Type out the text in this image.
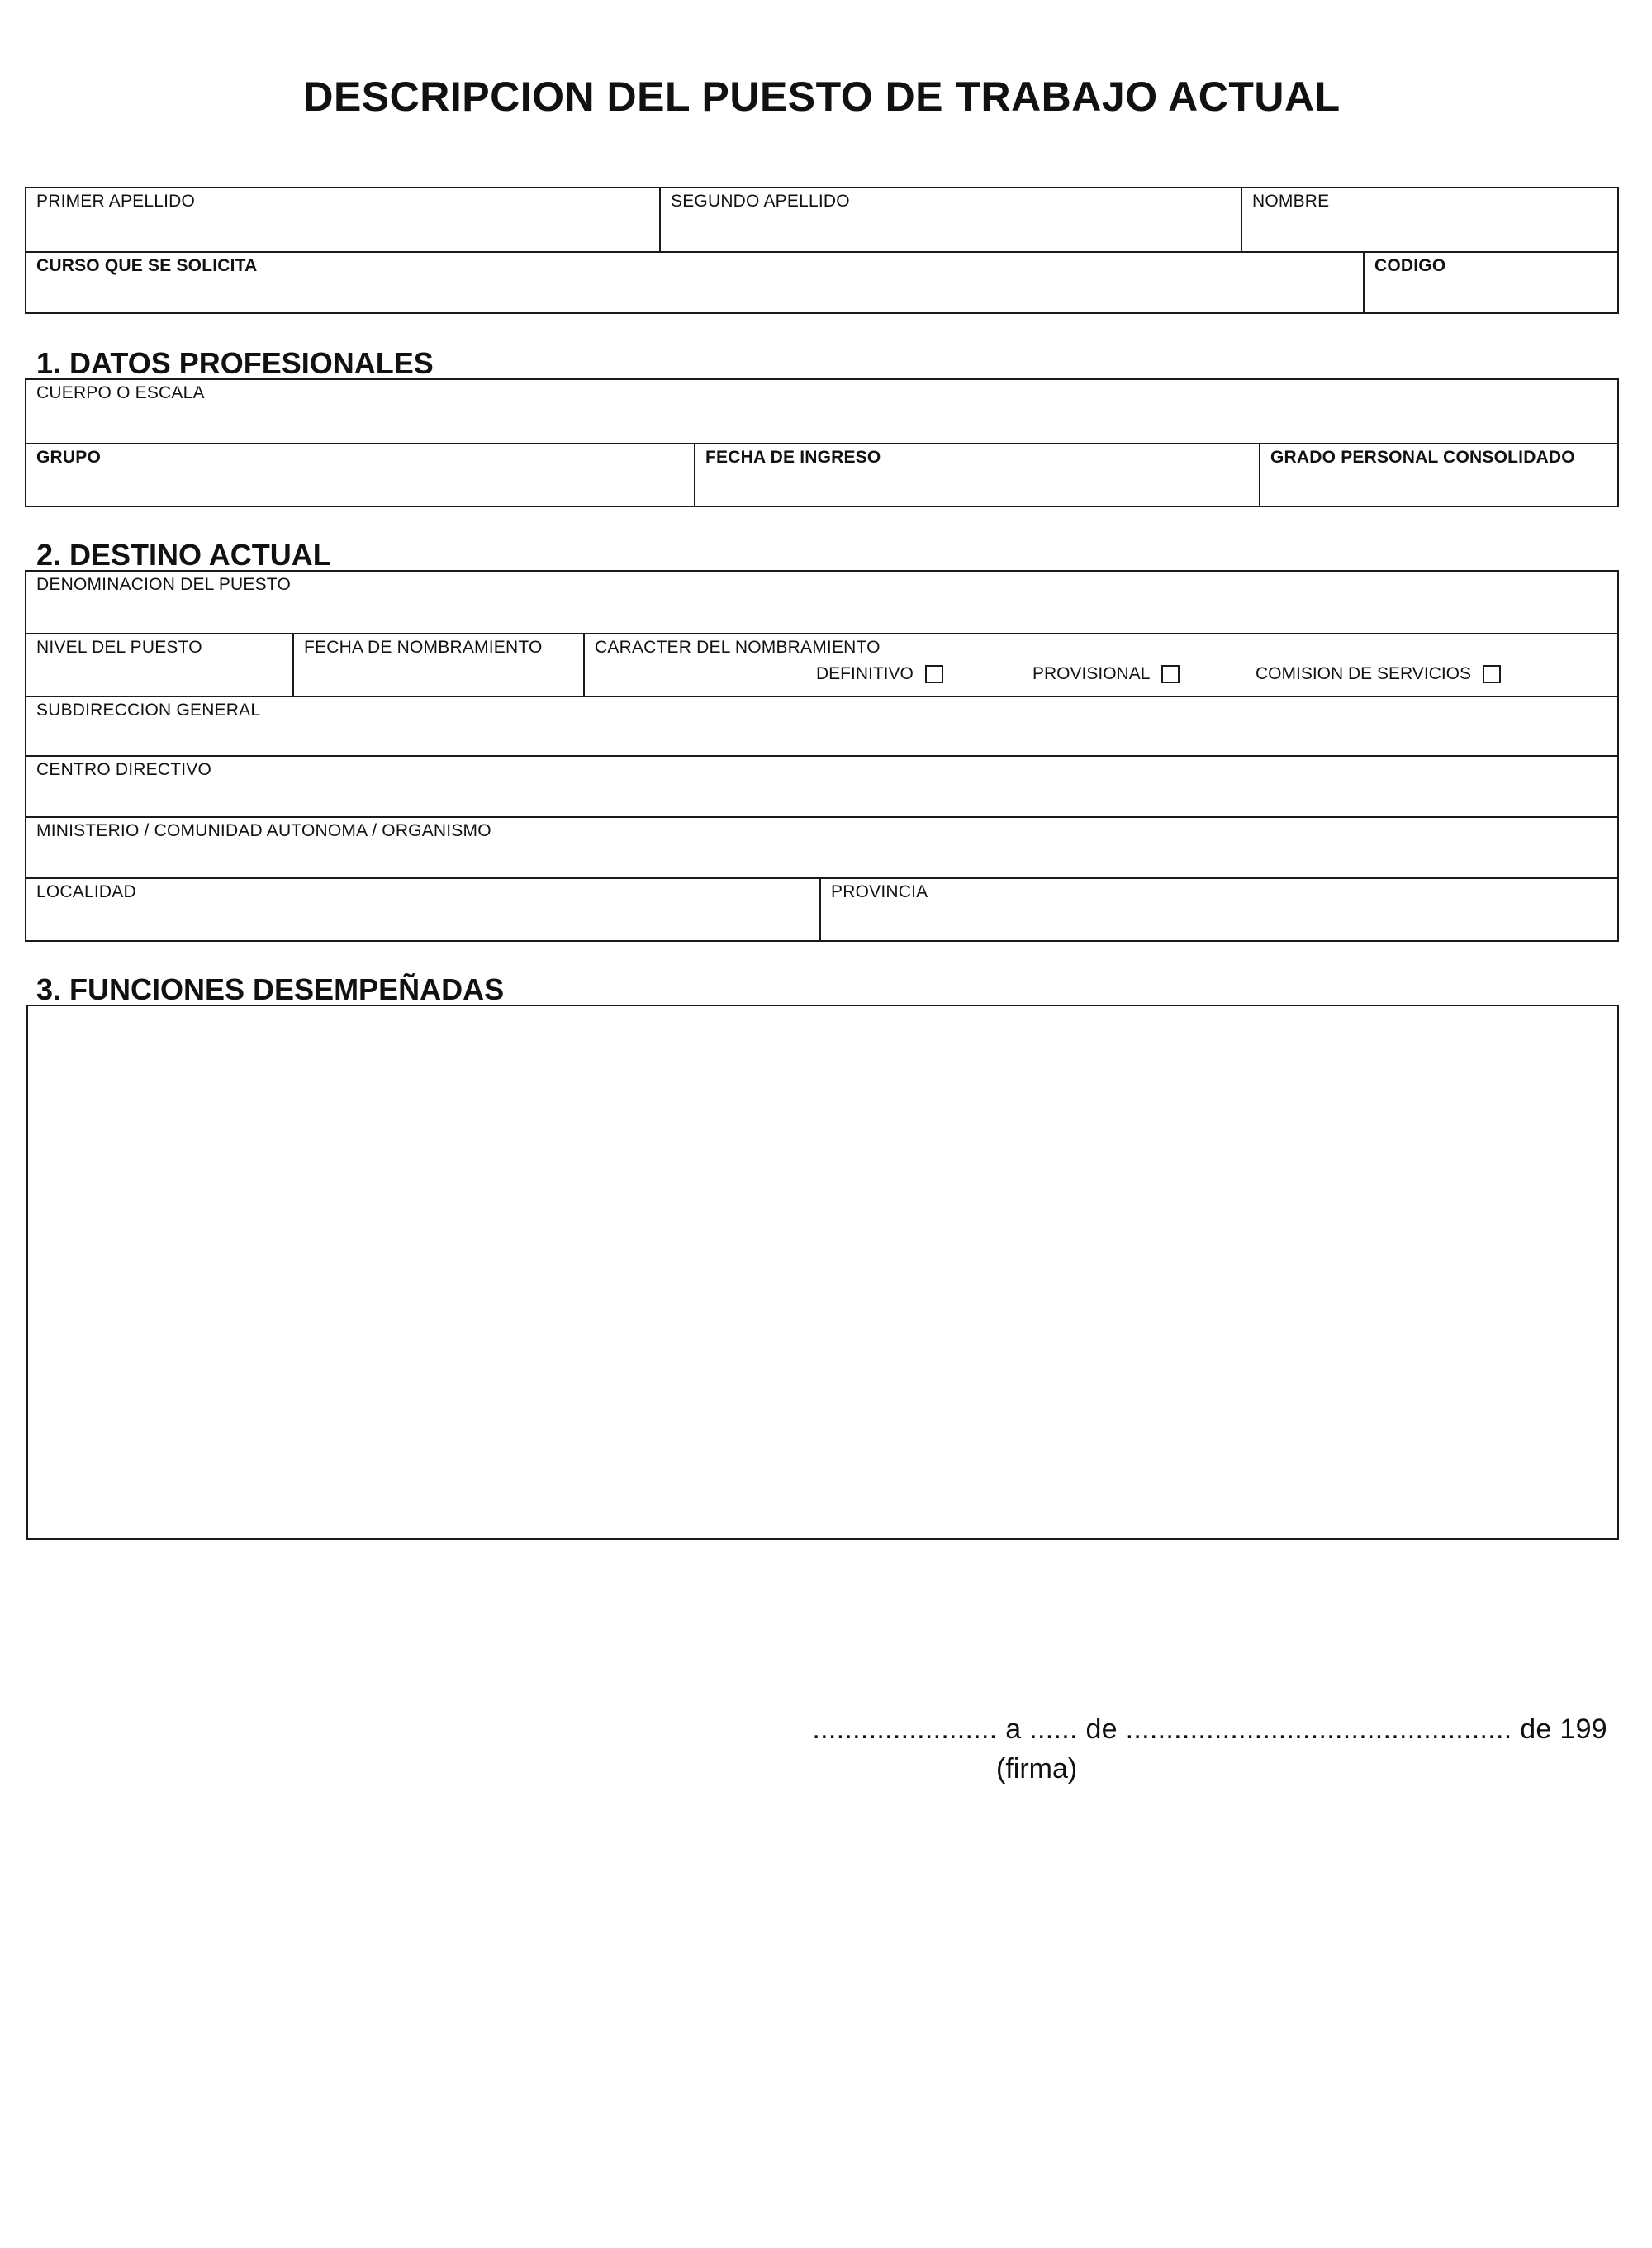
DESCRIPCION DEL PUESTO DE TRABAJO ACTUAL
PRIMER APELLIDO	SEGUNDO APELLIDO	NOMBRE
CURSO QUE SE SOLICITA	CODIGO
1. DATOS PROFESIONALES
CUERPO O ESCALA
GRUPO	FECHA DE INGRESO	GRADO PERSONAL CONSOLIDADO
2. DESTINO ACTUAL
DENOMINACION DEL PUESTO
NIVEL DEL PUESTO	FECHA DE NOMBRAMIENTO	CARACTER DEL NOMBRAMIENTO
DEFINITIVO	PROVISIONAL	COMISION DE SERVICIOS
SUBDIRECCION GENERAL
CENTRO DIRECTIVO
MINISTERIO / COMUNIDAD AUTONOMA / ORGANISMO
LOCALIDAD	PROVINCIA
3. FUNCIONES DESEMPEÑADAS
....................... a ...... de ................................................ de 199
(firma)
